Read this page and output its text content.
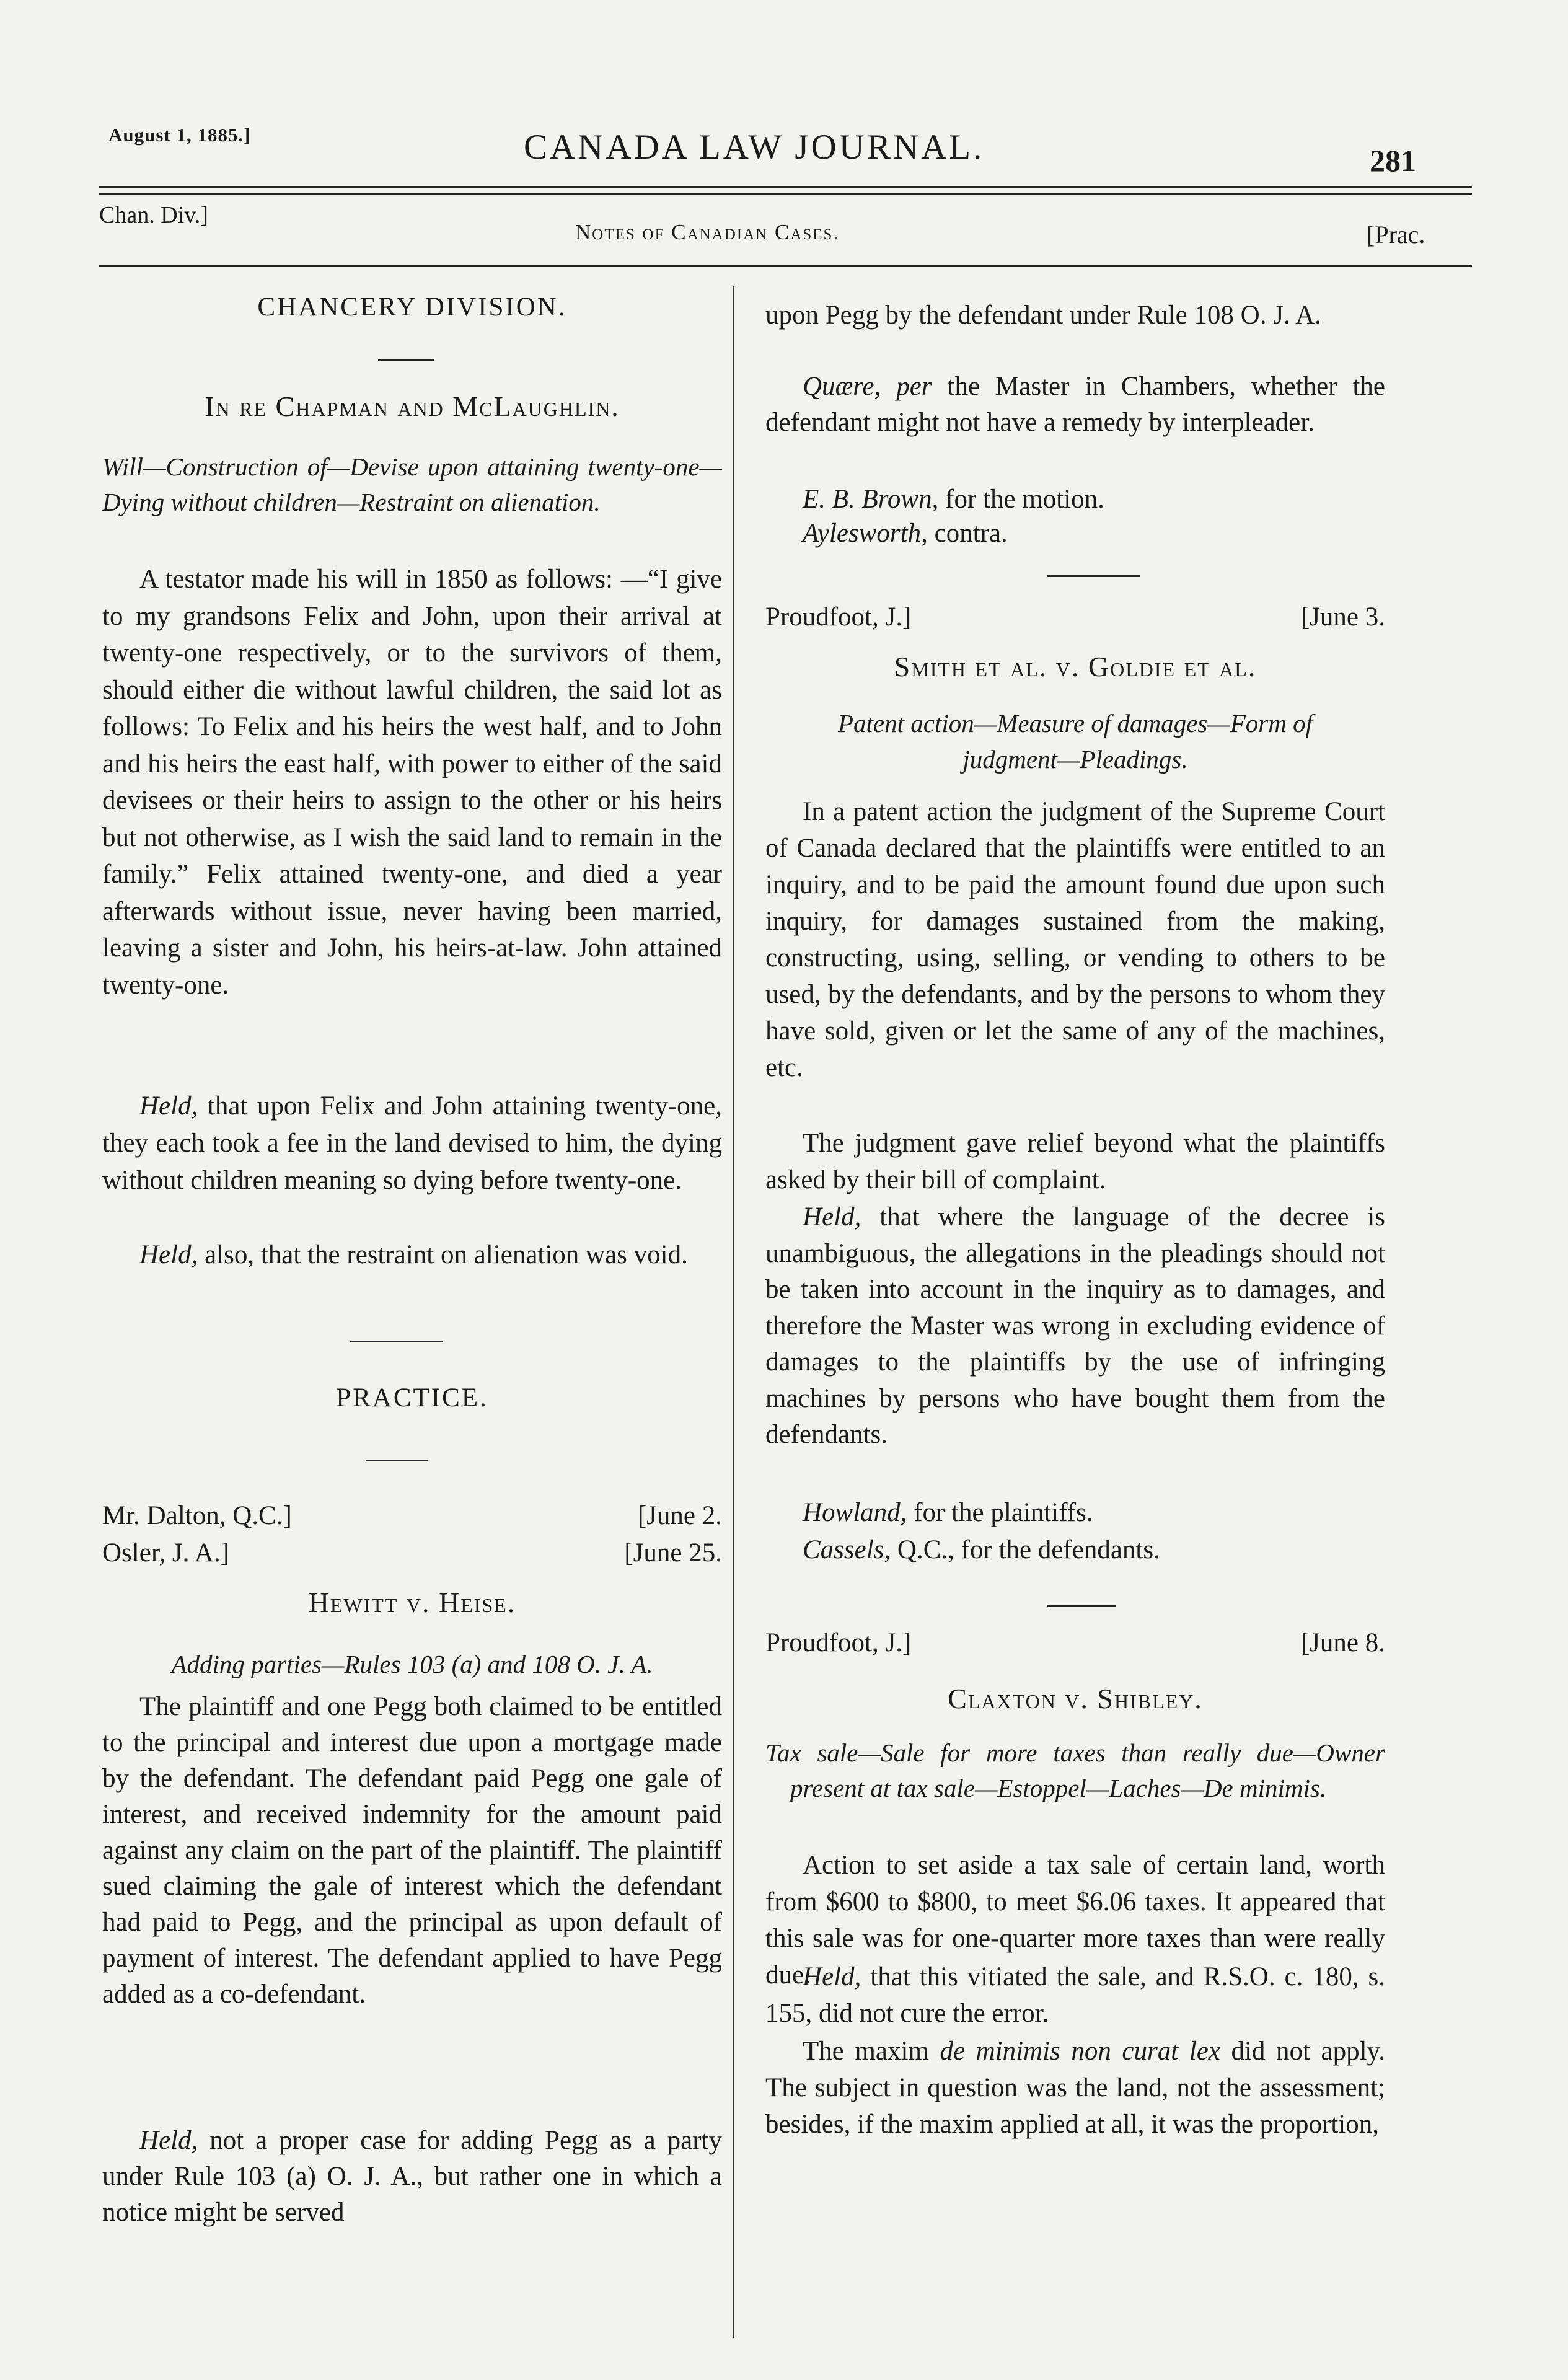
August 1, 1885.]	CANADA LAW JOURNAL.	281
Chan. Div.]
Notes of Canadian Cases.	[Prac.
CHANCERY DIVISION.
In re Chapman and McLaughlin.
Will—Construction of—Devise upon attaining twenty-one—Dying without children—Restraint on alienation.
A testator made his will in 1850 as follows: —“I give to my grandsons Felix and John, upon their arrival at twenty-one respectively, or to the survivors of them, should either die without lawful children, the said lot as follows: To Felix and his heirs the west half, and to John and his heirs the east half, with power to either of the said devisees or their heirs to assign to the other or his heirs but not otherwise, as I wish the said land to remain in the family.” Felix attained twenty-one, and died a year afterwards without issue, never having been married, leaving a sister and John, his heirs-at-law. John attained twenty-one.
Held, that upon Felix and John attaining twenty-one, they each took a fee in the land devised to him, the dying without children meaning so dying before twenty-one.
Held, also, that the restraint on alienation was void.
PRACTICE.
Mr. Dalton, Q.C.]	[June 2.
Osler, J. A.]	[June 25.
Hewitt v. Heise.
Adding parties—Rules 103 (a) and 108 O. J. A.
The plaintiff and one Pegg both claimed to be entitled to the principal and interest due upon a mortgage made by the defendant. The defendant paid Pegg one gale of interest, and received indemnity for the amount paid against any claim on the part of the plaintiff. The plaintiff sued claiming the gale of interest which the defendant had paid to Pegg, and the principal as upon default of payment of interest. The defendant applied to have Pegg added as a co-defendant.
Held, not a proper case for adding Pegg as a party under Rule 103 (a) O. J. A., but rather one in which a notice might be served
upon Pegg by the defendant under Rule 108 O. J. A.
Quære, per the Master in Chambers, whether the defendant might not have a remedy by interpleader.
E. B. Brown, for the motion.
Aylesworth, contra.
Proudfoot, J.]	[June 3.
Smith et al. v. Goldie et al.
Patent action—Measure of damages—Form of judgment—Pleadings.
In a patent action the judgment of the Supreme Court of Canada declared that the plaintiffs were entitled to an inquiry, and to be paid the amount found due upon such inquiry, for damages sustained from the making, constructing, using, selling, or vending to others to be used, by the defendants, and by the persons to whom they have sold, given or let the same of any of the machines, etc.
The judgment gave relief beyond what the plaintiffs asked by their bill of complaint.
Held, that where the language of the decree is unambiguous, the allegations in the pleadings should not be taken into account in the inquiry as to damages, and therefore the Master was wrong in excluding evidence of damages to the plaintiffs by the use of infringing machines by persons who have bought them from the defendants.
Howland, for the plaintiffs.
Cassels, Q.C., for the defendants.
Proudfoot, J.]	[June 8.
Claxton v. Shibley.
Tax sale—Sale for more taxes than really due—Owner present at tax sale—Estoppel—Laches—De minimis.
Action to set aside a tax sale of certain land, worth from $600 to $800, to meet $6.06 taxes. It appeared that this sale was for one-quarter more taxes than were really due.
Held, that this vitiated the sale, and R.S.O. c. 180, s. 155, did not cure the error.
The maxim de minimis non curat lex did not apply. The subject in question was the land, not the assessment; besides, if the maxim applied at all, it was the proportion,
